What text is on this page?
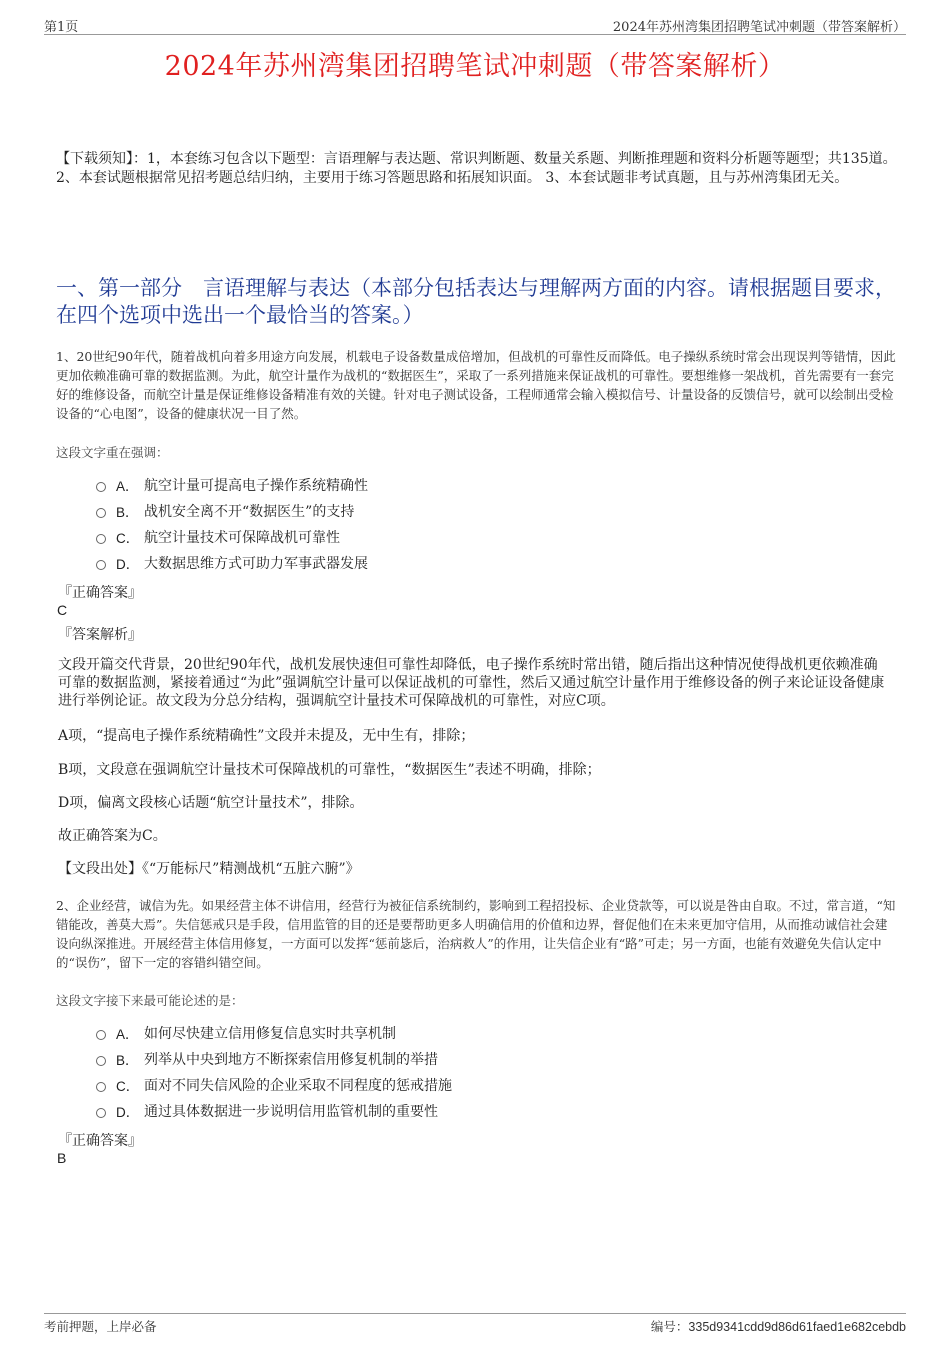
第1页	2024年苏州湾集团招聘笔试冲刺题（带答案解析）
2024年苏州湾集团招聘笔试冲刺题（带答案解析）
【下载须知】：1，本套练习包含以下题型：言语理解与表达题、常识判断题、数量关系题、判断推理题和资料分析题等题型；共135道。 2、本套试题根据常见招考题总结归纳，主要用于练习答题思路和拓展知识面。 3、本套试题非考试真题，且与苏州湾集团无关。
一、第一部分　言语理解与表达（本部分包括表达与理解两方面的内容。请根据题目要求，在四个选项中选出一个最恰当的答案。）
1、20世纪90年代，随着战机向着多用途方向发展，机载电子设备数量成倍增加，但战机的可靠性反而降低。电子操纵系统时常会出现误判等错情，因此更加依赖准确可靠的数据监测。为此，航空计量作为战机的“数据医生”，采取了一系列措施来保证战机的可靠性。要想维修一架战机，首先需要有一套完好的维修设备，而航空计量是保证维修设备精准有效的关键。针对电子测试设备，工程师通常会输入模拟信号、计量设备的反馈信号，就可以绘制出受检设备的“心电图”，设备的健康状况一目了然。
这段文字重在强调：
A． 航空计量可提高电子操作系统精确性
B． 战机安全离不开“数据医生”的支持
C． 航空计量技术可保障战机可靠性
D． 大数据思维方式可助力军事武器发展
『正确答案』
C
『答案解析』
文段开篇交代背景，20世纪90年代，战机发展快速但可靠性却降低，电子操作系统时常出错，随后指出这种情况使得战机更依赖准确可靠的数据监测，紧接着通过“为此”强调航空计量可以保证战机的可靠性，然后又通过航空计量作用于维修设备的例子来论证设备健康进行举例论证。故文段为分总分结构，强调航空计量技术可保障战机的可靠性，对应C项。
A项，“提高电子操作系统精确性”文段并未提及，无中生有，排除；
B项，文段意在强调航空计量技术可保障战机的可靠性，“数据医生”表述不明确，排除；
D项，偏离文段核心话题“航空计量技术”，排除。
故正确答案为C。
【文段出处】《“万能标尺”精测战机“五脏六腑”》
2、企业经营，诚信为先。如果经营主体不讲信用，经营行为被征信系统制约，影响到工程招投标、企业贷款等，可以说是咎由自取。不过，常言道，“知错能改，善莫大焉”。失信惩戒只是手段，信用监管的目的还是要帮助更多人明确信用的价值和边界，督促他们在未来更加守信用，从而推动诚信社会建设向纵深推进。开展经营主体信用修复，一方面可以发挥“惩前毖后，治病救人”的作用，让失信企业有“路”可走；另一方面，也能有效避免失信认定中的“误伤”，留下一定的容错纠错空间。
这段文字接下来最可能论述的是：
A． 如何尽快建立信用修复信息实时共享机制
B． 列举从中央到地方不断探索信用修复机制的举措
C． 面对不同失信风险的企业采取不同程度的惩戒措施
D． 通过具体数据进一步说明信用监管机制的重要性
『正确答案』
B
考前押题，上岸必备	编号：335d9341cdd9d86d61faed1e682cebdb
